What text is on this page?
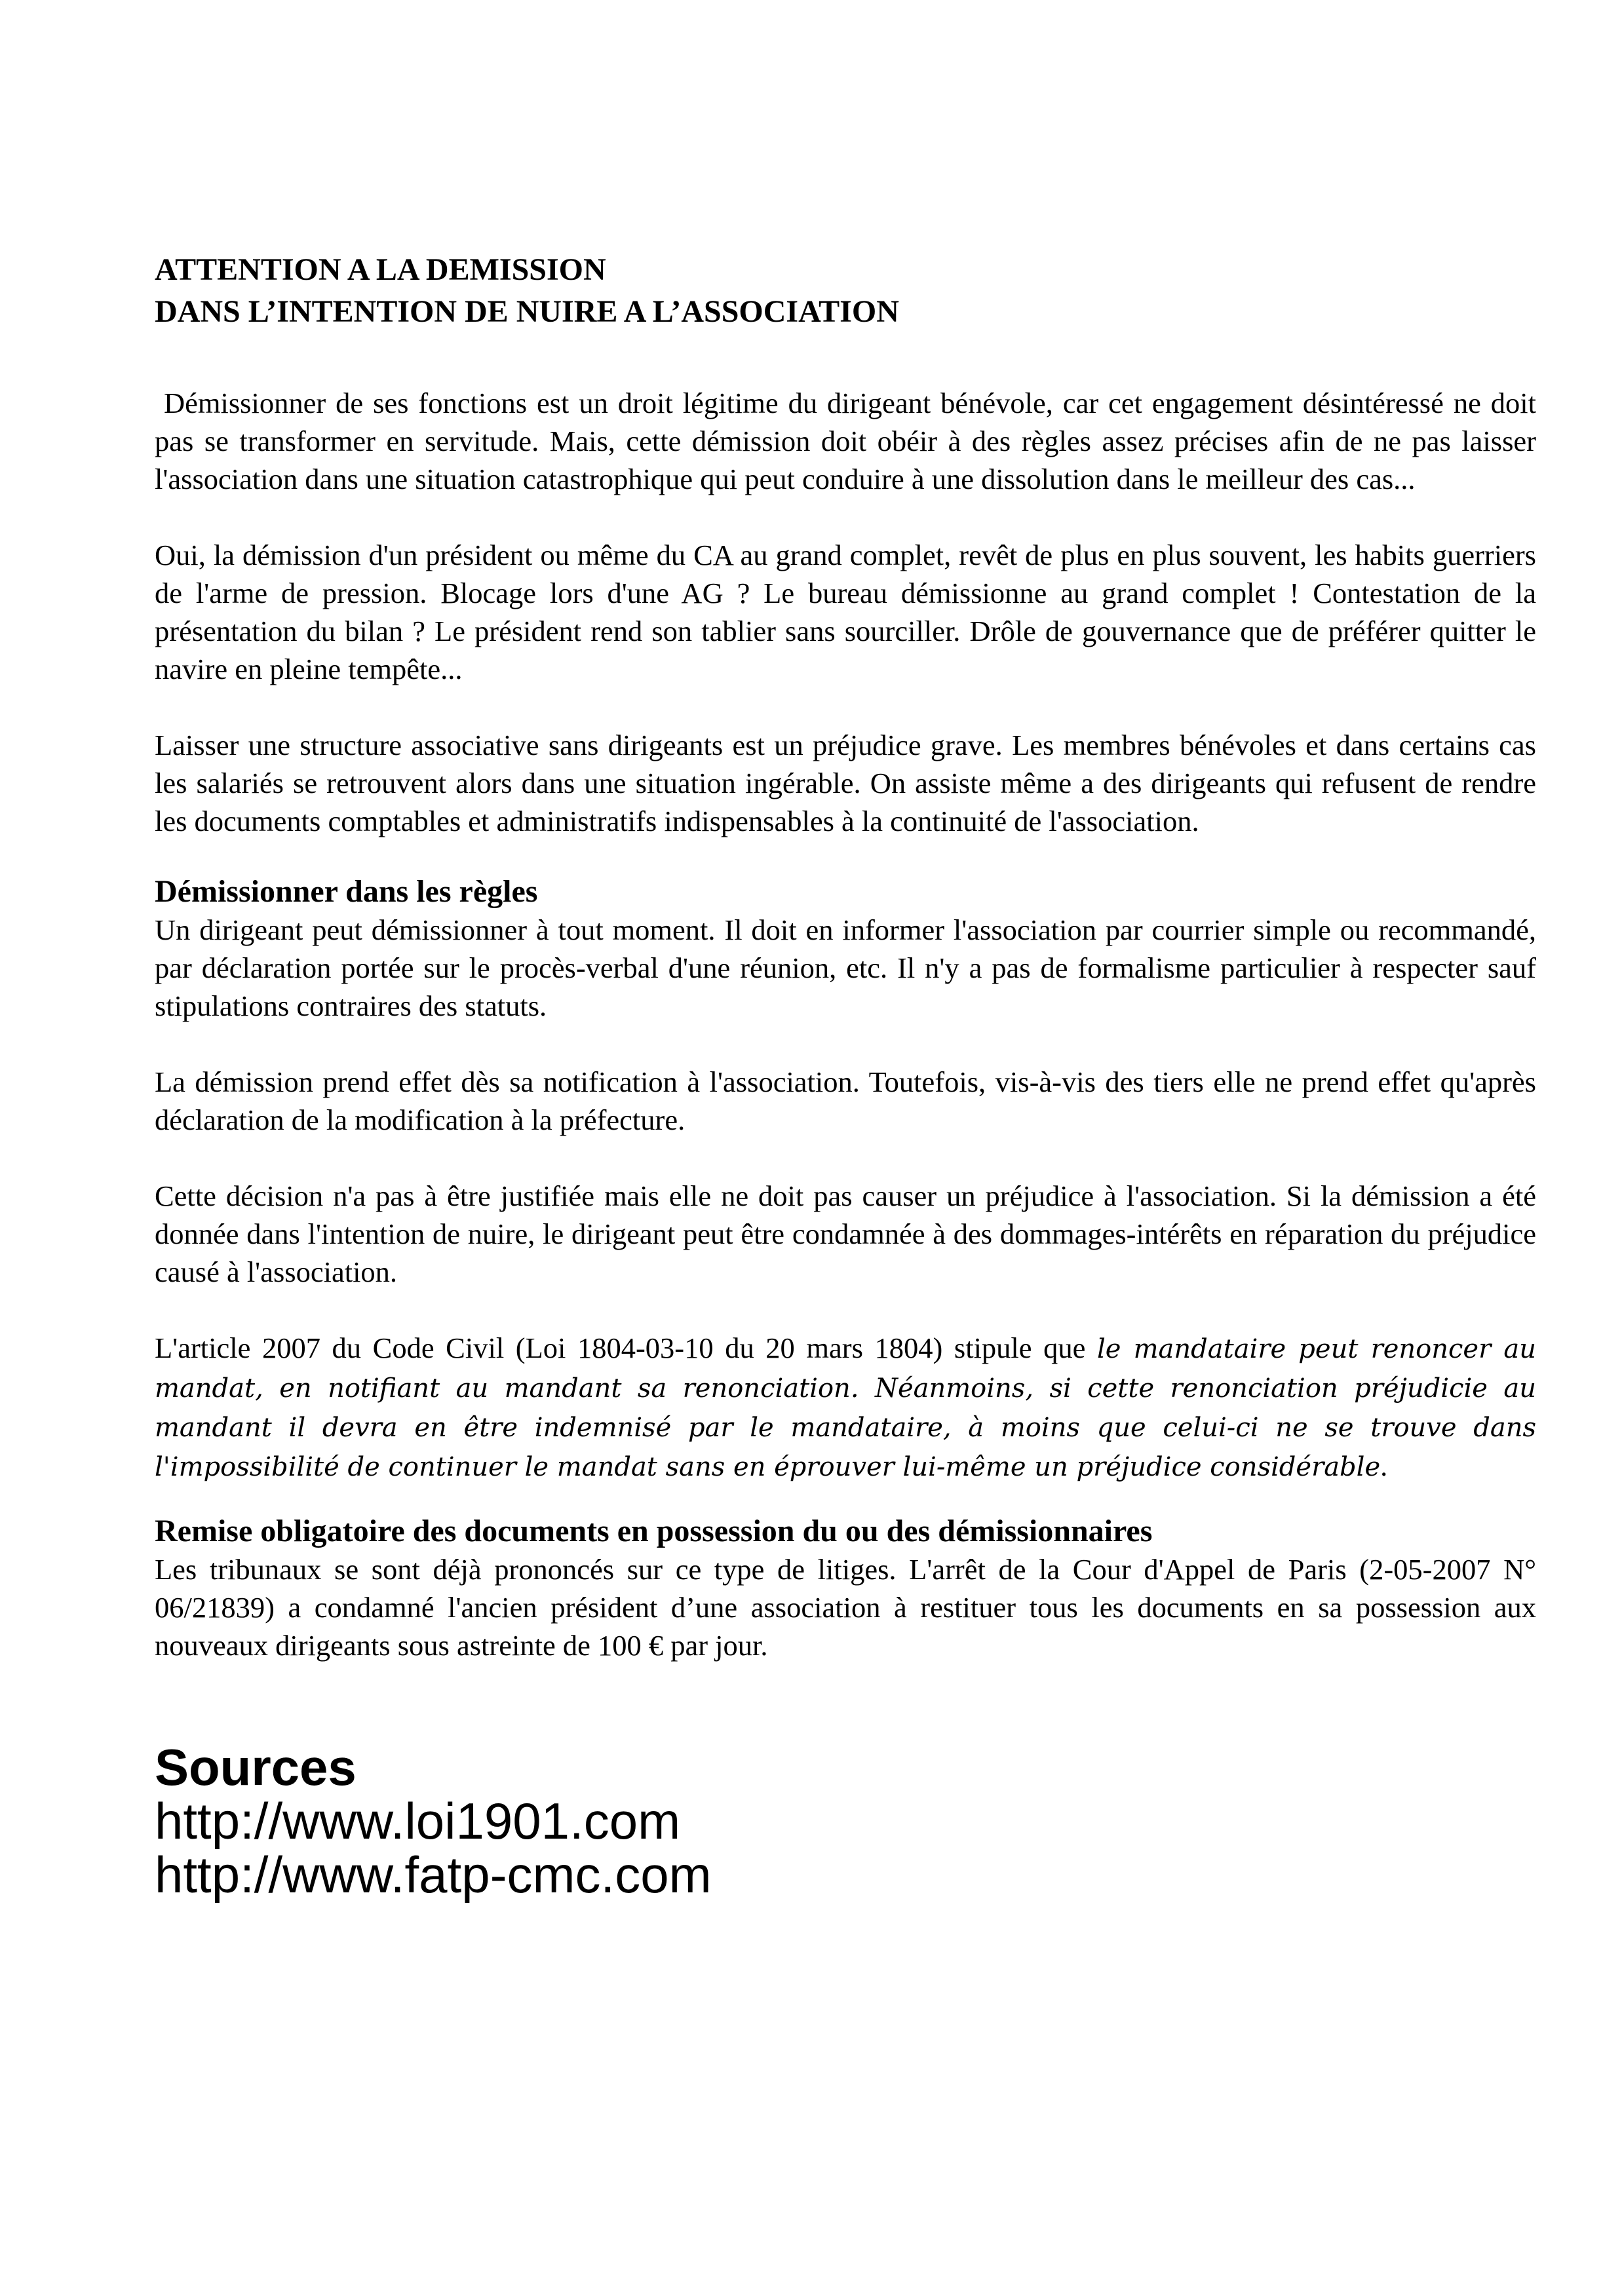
ATTENTION A LA DEMISSION
DANS L’INTENTION DE NUIRE A L’ASSOCIATION

Démissionner de ses fonctions est un droit légitime du dirigeant bénévole, car cet engagement désintéressé ne doit pas se transformer en servitude. Mais, cette démission doit obéir à des règles assez précises afin de ne pas laisser l'association dans une situation catastrophique qui peut conduire à une dissolution dans le meilleur des cas...

Oui, la démission d'un président ou même du CA au grand complet, revêt de plus en plus souvent, les habits guerriers de l'arme de pression. Blocage lors d'une AG ? Le bureau démissionne au grand complet ! Contestation de la présentation du bilan ? Le président rend son tablier sans sourciller. Drôle de gouvernance que de préférer quitter le navire en pleine tempête...

Laisser une structure associative sans dirigeants est un préjudice grave. Les membres bénévoles et dans certains cas les salariés se retrouvent alors dans une situation ingérable. On assiste même a des dirigeants qui refusent de rendre les documents comptables et administratifs indispensables à la continuité de l'association.

Démissionner dans les règles

Un dirigeant peut démissionner à tout moment. Il doit en informer l'association par courrier simple ou recommandé, par déclaration portée sur le procès-verbal d'une réunion, etc. Il n'y a pas de formalisme particulier à respecter sauf stipulations contraires des statuts.

La démission prend effet dès sa notification à l'association. Toutefois, vis-à-vis des tiers elle ne prend effet qu'après déclaration de la modification à la préfecture.

Cette décision n'a pas à être justifiée mais elle ne doit pas causer un préjudice à l'association. Si la démission a été donnée dans l'intention de nuire, le dirigeant peut être condamnée à des dommages-intérêts en réparation du préjudice causé à l'association.

L'article 2007 du Code Civil (Loi 1804-03-10 du 20 mars 1804) stipule que le mandataire peut renoncer au mandat, en notifiant au mandant sa renonciation. Néanmoins, si cette renonciation préjudicie au mandant il devra en être indemnisé par le mandataire, à moins que celui-ci ne se trouve dans l'impossibilité de continuer le mandat sans en éprouver lui-même un préjudice considérable.

Remise obligatoire des documents en possession du ou des démissionnaires

Les tribunaux se sont déjà prononcés sur ce type de litiges. L'arrêt de la Cour d'Appel de Paris (2-05-2007 N° 06/21839) a condamné l'ancien président d’une association à restituer tous les documents en sa possession aux nouveaux dirigeants sous astreinte de 100 € par jour.

Sources
http://www.loi1901.com
http://www.fatp-cmc.com
